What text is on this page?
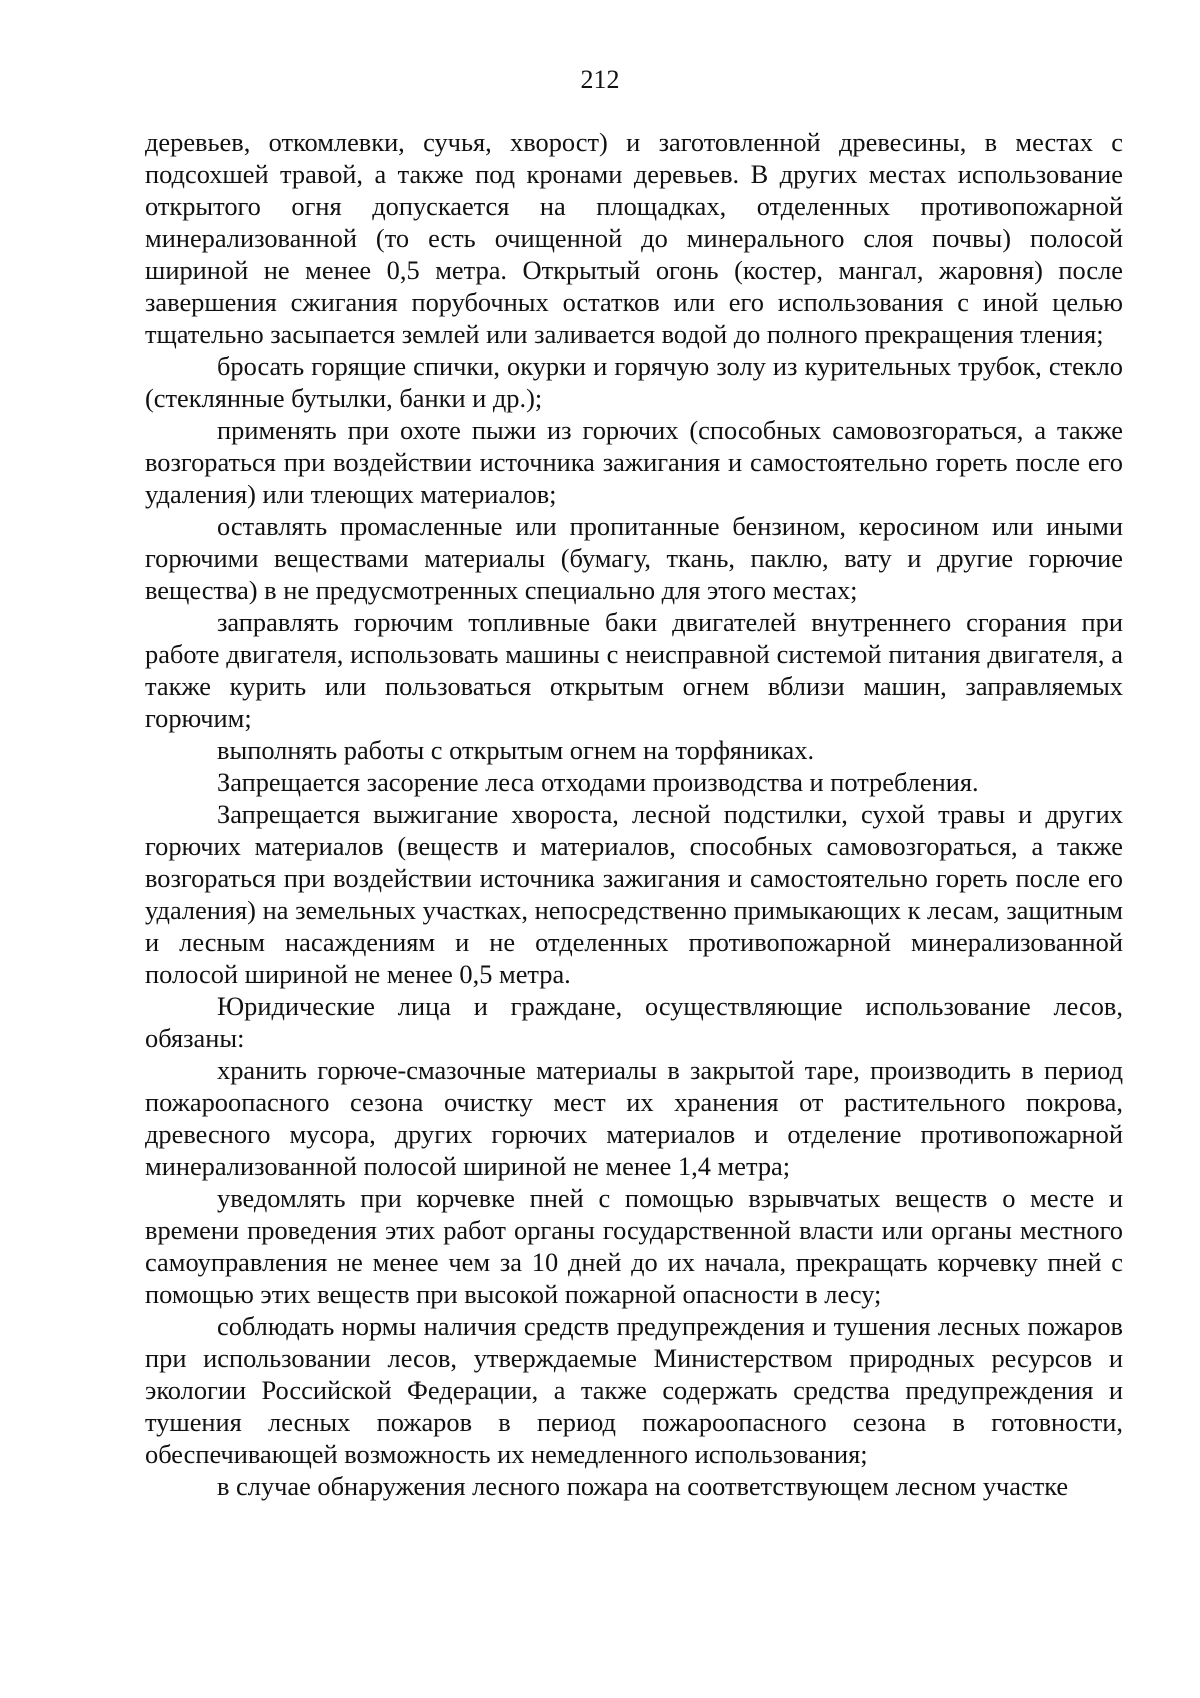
212

деревьев, откомлевки, сучья, хворост) и заготовленной древесины, в местах с подсохшей травой, а также под кронами деревьев. В других местах использование открытого огня допускается на площадках, отделенных противопожарной минерализованной (то есть очищенной до минерального слоя почвы) полосой шириной не менее 0,5 метра. Открытый огонь (костер, мангал, жаровня) после завершения сжигания порубочных остатков или его использования с иной целью тщательно засыпается землей или заливается водой до полного прекращения тления;

бросать горящие спички, окурки и горячую золу из курительных трубок, стекло (стеклянные бутылки, банки и др.);

применять при охоте пыжи из горючих (способных самовозгораться, а также возгораться при воздействии источника зажигания и самостоятельно гореть после его удаления) или тлеющих материалов;

оставлять промасленные или пропитанные бензином, керосином или иными горючими веществами материалы (бумагу, ткань, паклю, вату и другие горючие вещества) в не предусмотренных специально для этого местах;

заправлять горючим топливные баки двигателей внутреннего сгорания при работе двигателя, использовать машины с неисправной системой питания двигателя, а также курить или пользоваться открытым огнем вблизи машин, заправляемых горючим;

выполнять работы с открытым огнем на торфяниках.

Запрещается засорение леса отходами производства и потребления.

Запрещается выжигание хвороста, лесной подстилки, сухой травы и других горючих материалов (веществ и материалов, способных самовозгораться, а также возгораться при воздействии источника зажигания и самостоятельно гореть после его удаления) на земельных участках, непосредственно примыкающих к лесам, защитным и лесным насаждениям и не отделенных противопожарной минерализованной полосой шириной не менее 0,5 метра.

Юридические лица и граждане, осуществляющие использование лесов, обязаны:

хранить горюче-смазочные материалы в закрытой таре, производить в период пожароопасного сезона очистку мест их хранения от растительного покрова, древесного мусора, других горючих материалов и отделение противопожарной минерализованной полосой шириной не менее 1,4 метра;

уведомлять при корчевке пней с помощью взрывчатых веществ о месте и времени проведения этих работ органы государственной власти или органы местного самоуправления не менее чем за 10 дней до их начала, прекращать корчевку пней с помощью этих веществ при высокой пожарной опасности в лесу;

соблюдать нормы наличия средств предупреждения и тушения лесных пожаров при использовании лесов, утверждаемые Министерством природных ресурсов и экологии Российской Федерации, а также содержать средства предупреждения и тушения лесных пожаров в период пожароопасного сезона в готовности, обеспечивающей возможность их немедленного использования;

в случае обнаружения лесного пожара на соответствующем лесном участке
